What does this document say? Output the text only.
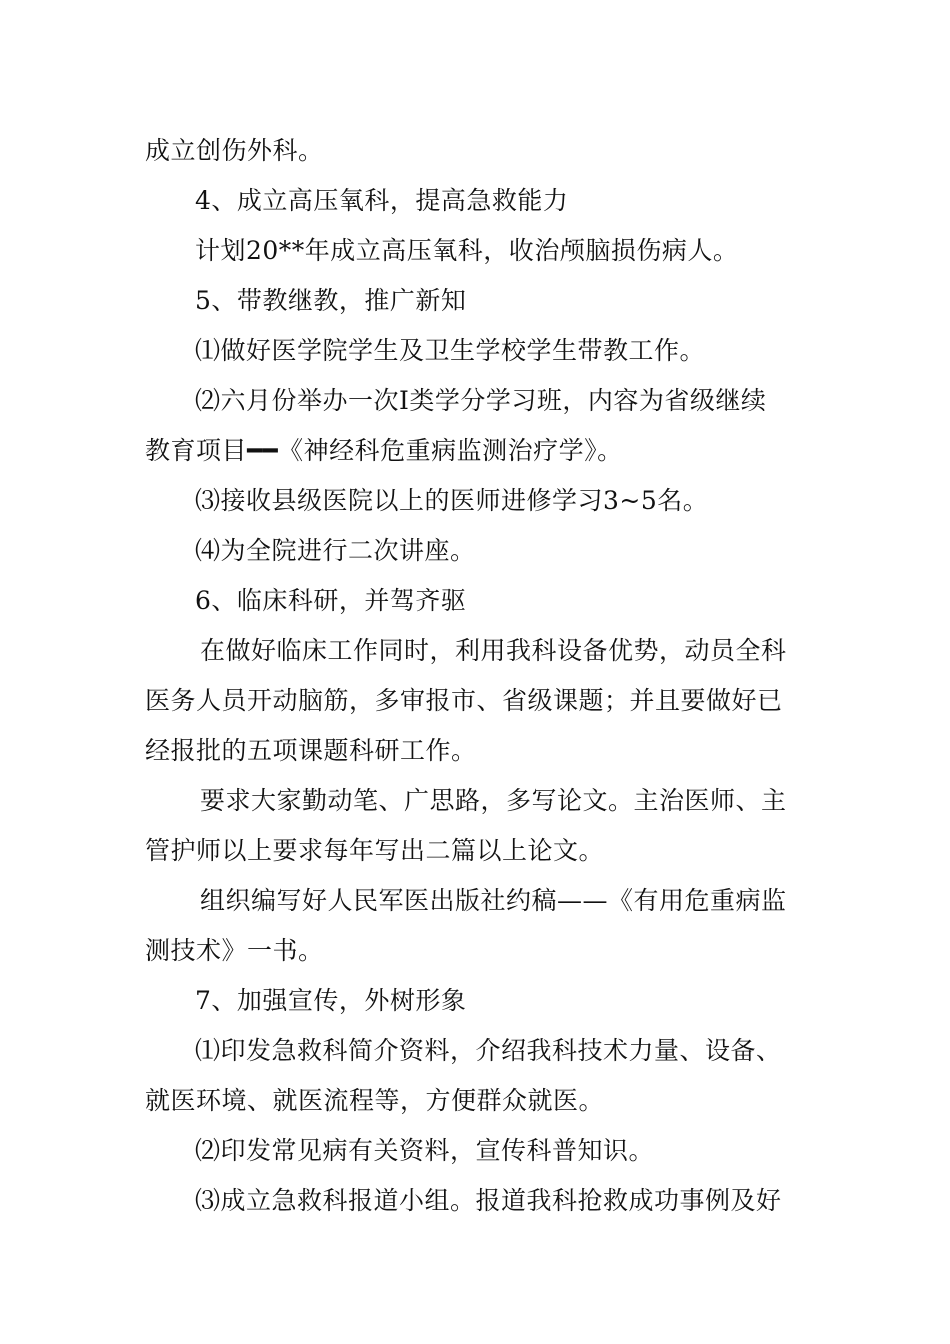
成立创伤外科。
4、成立高压氧科，提高急救能力
计划20**年成立高压氧科，收治颅脑损伤病人。
5、带教继教，推广新知
⑴做好医学院学生及卫生学校学生带教工作。
⑵六月份举办一次Ⅰ类学分学习班，内容为省级继续
教育项目━━《神经科危重病监测治疗学》。
⑶接收县级医院以上的医师进修学习3~5名。
⑷为全院进行二次讲座。
6、临床科研，并驾齐驱
在做好临床工作同时，利用我科设备优势，动员全科
医务人员开动脑筋，多审报市、省级课题；并且要做好已
经报批的五项课题科研工作。
要求大家勤动笔、广思路，多写论文。主治医师、主
管护师以上要求每年写出二篇以上论文。
组织编写好人民军医出版社约稿——《有用危重病监
测技术》一书。
7、加强宣传，外树形象
⑴印发急救科简介资料，介绍我科技术力量、设备、
就医环境、就医流程等，方便群众就医。
⑵印发常见病有关资料，宣传科普知识。
⑶成立急救科报道小组。报道我科抢救成功事例及好
